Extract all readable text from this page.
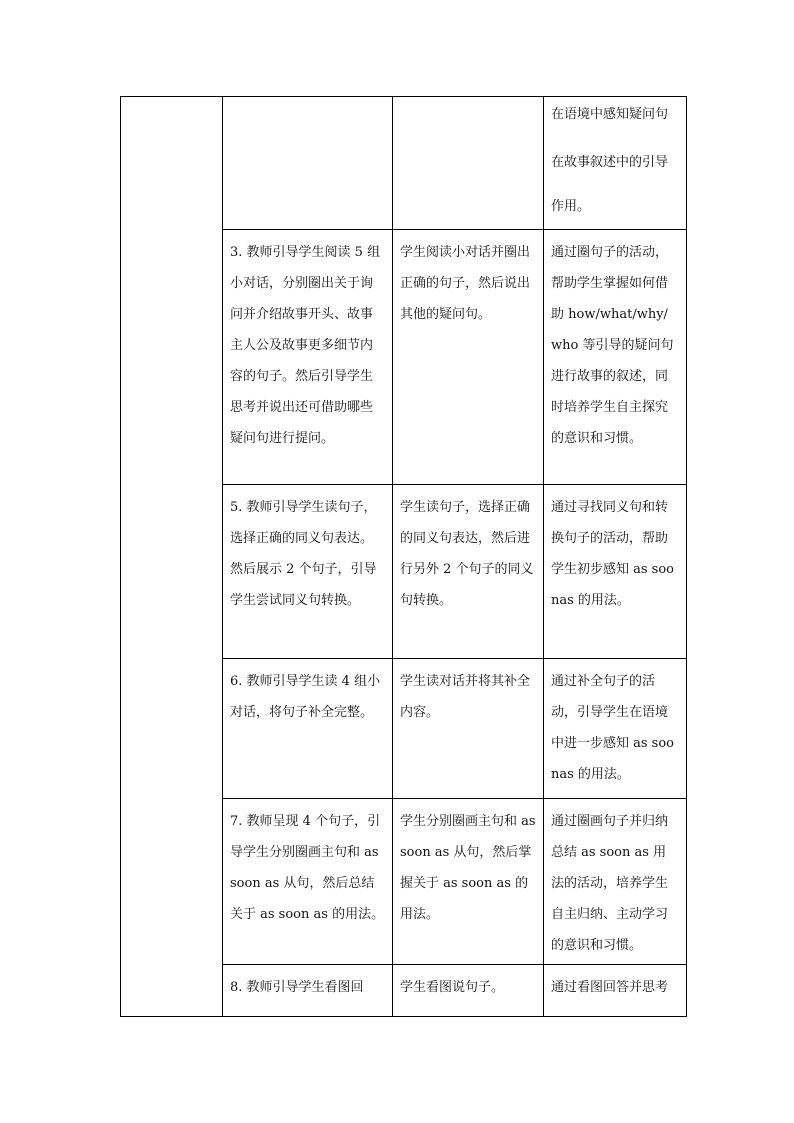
			在语境中感知疑问句
在故事叙述中的引导
作用。

	3. 教师引导学生阅读 5 组小对话，分别圈出关于询问并介绍故事开头、故事主人公及故事更多细节内容的句子。然后引导学生思考并说出还可借助哪些疑问句进行提问。	学生阅读小对话并圈出正确的句子，然后说出其他的疑问句。	通过圈句子的活动，帮助学生掌握如何借助 how/what/why/who 等引导的疑问句进行故事的叙述，同时培养学生自主探究的意识和习惯。

	5. 教师引导学生读句子，选择正确的同义句表达。然后展示 2 个句子，引导学生尝试同义句转换。	学生读句子，选择正确的同义句表达，然后进行另外 2 个句子的同义句转换。	通过寻找同义句和转换句子的活动，帮助学生初步感知 as soonas 的用法。

	6. 教师引导学生读 4 组小对话，将句子补全完整。	学生读对话并将其补全内容。	通过补全句子的活动，引导学生在语境中进一步感知 as soonas 的用法。

	7. 教师呈现 4 个句子，引导学生分别圈画主句和 as soon as 从句，然后总结关于 as soon as 的用法。	学生分别圈画主句和 as soon as 从句，然后掌握关于 as soon as 的用法。	通过圈画句子并归纳总结 as soon as 用法的活动，培养学生自主归纳、主动学习的意识和习惯。

	8. 教师引导学生看图回	学生看图说句子。	通过看图回答并思考
